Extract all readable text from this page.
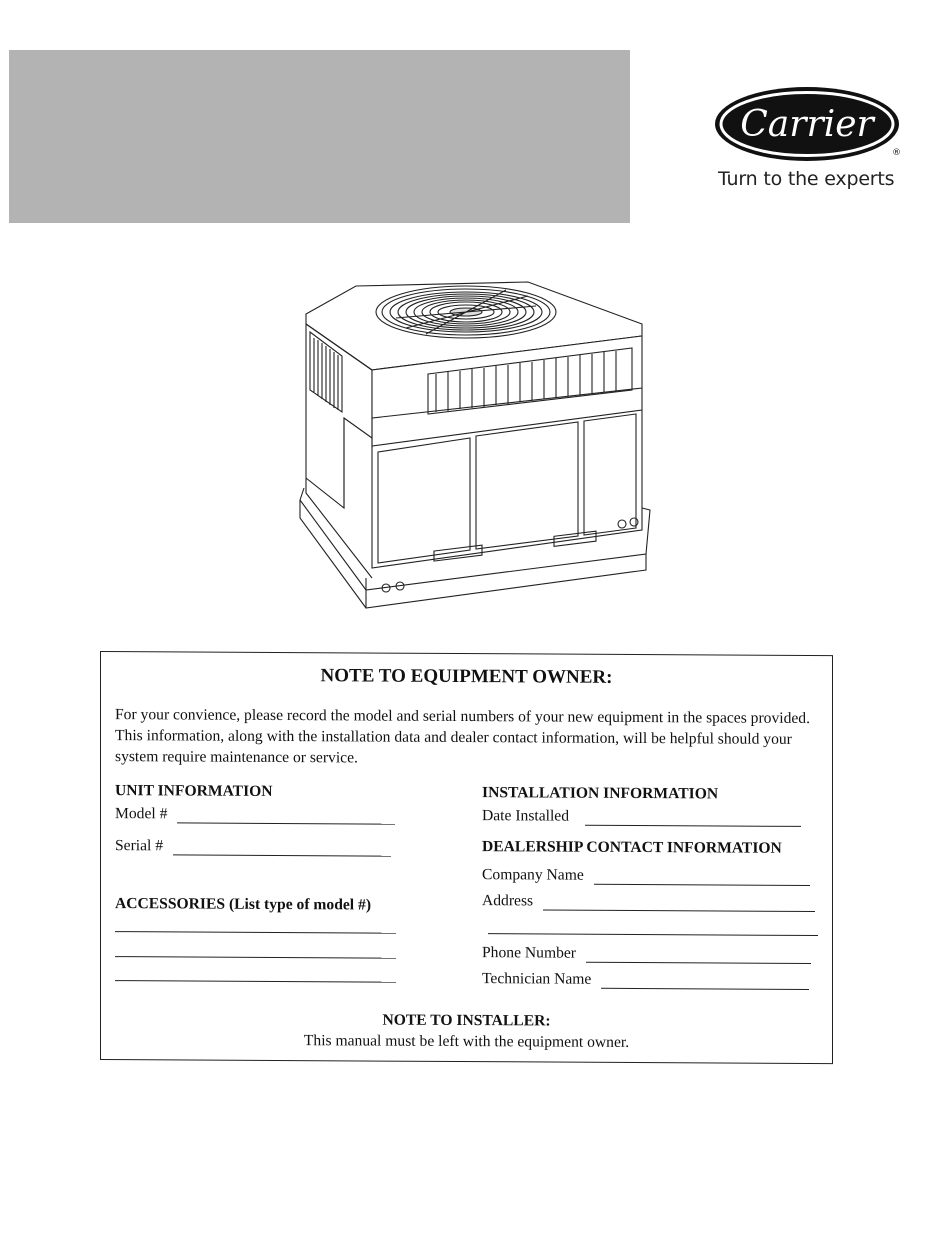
Carrier
®
Turn to the experts
NOTE TO EQUIPMENT OWNER:
For your convience, please record the model and serial numbers of your new equipment in the spaces provided. This information, along with the installation data and dealer contact information, will be helpful should your system require maintenance or service.
UNIT INFORMATION
Model #
Serial #
ACCESSORIES (List type of model #)
INSTALLATION INFORMATION
Date Installed
DEALERSHIP CONTACT INFORMATION
Company Name
Address
Phone Number
Technician Name
NOTE TO INSTALLER:
This manual must be left with the equipment owner.
